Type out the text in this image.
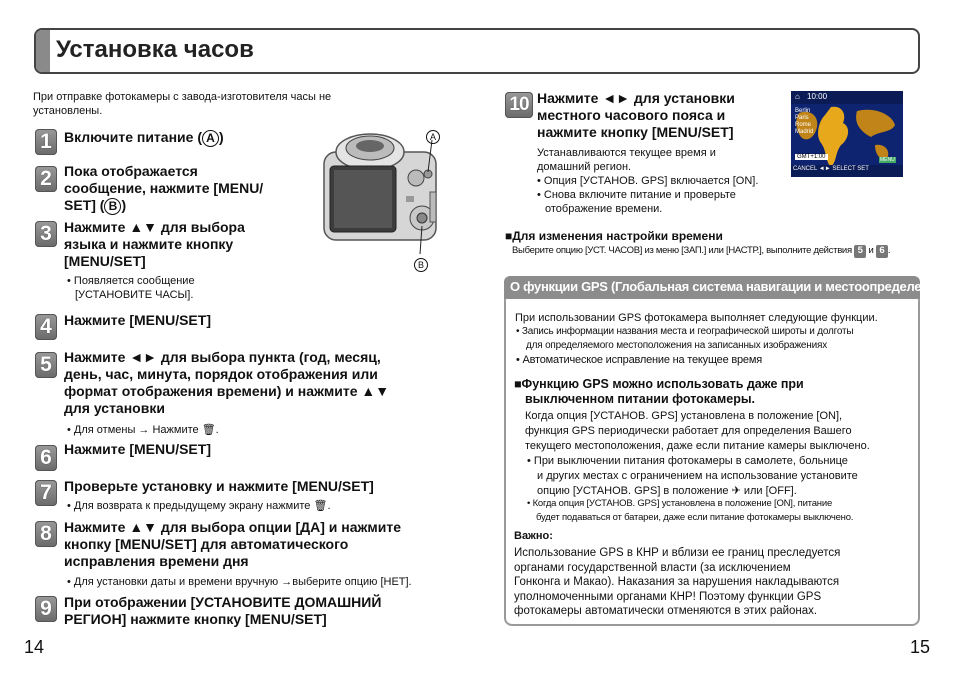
Установка часов
При отправке фотокамеры с завода-изготовителя часы не
установлены.
1 Включите питание ( A )
2 Пока отображается
сообщение, нажмите [MENU/
SET] ( B )
3 Нажмите ▲▼ для выбора
языка и нажмите кнопку
[MENU/SET]
• Появляется сообщение
[УСТАНОВИТЕ ЧАСЫ].
A
B
4 Нажмите [MENU/SET]
5 Нажмите ◄► для выбора пункта (год, месяц,
день, час, минута, порядок отображения или
формат отображения времени) и нажмите ▲▼
для установки
• Для отмены → Нажмите 🗑.
6 Нажмите [MENU/SET]
7 Проверьте установку и нажмите [MENU/SET]
• Для возврата к предыдущему экрану нажмите 🗑.
8 Нажмите ▲▼ для выбора опции [ДА] и нажмите
кнопку [MENU/SET] для автоматического
исправления времени дня
• Для установки даты и времени вручную →выберите опцию [НЕТ].
9 При отображении [УСТАНОВИТЕ ДОМАШНИЙ
РЕГИОН] нажмите кнопку [MENU/SET]
14
10 Нажмите ◄► для установки
местного часового пояса и
нажмите кнопку [MENU/SET]
Устанавливаются текущее время и
домашний регион.
• Опция [УСТАНОВ. GPS] включается [ON].
• Снова включите питание и проверьте
отображение времени.
⌂ 10:00
Berlin
Paris
Rome
Madrid
GMT+1:00
CANCEL ◄► SELECT SET
MENU
■Для изменения настройки времени
Выберите опцию [УСТ. ЧАСОВ] из меню [ЗАП.] или [НАСТР.], выполните действия 5 и 6 .
О функции GPS (Глобальная система навигации и местоопределения)
При использовании GPS фотокамера выполняет следующие функции.
• Запись информации названия места и географической широты и долготы
для определяемого местоположения на записанных изображениях
• Автоматическое исправление на текущее время
■Функцию GPS можно использовать даже при
выключенном питании фотокамеры.
Когда опция [УСТАНОВ. GPS] установлена в положение [ON],
функция GPS периодически работает для определения Вашего
текущего местоположения, даже если питание камеры выключено.
• При выключении питания фотокамеры в самолете, больнице
и других местах с ограничением на использование установите
опцию [УСТАНОВ. GPS] в положение ✈ или [OFF].
• Когда опция [УСТАНОВ. GPS] установлена в положение [ON], питание
будет подаваться от батареи, даже если питание фотокамеры выключено.
Важно:
Использование GPS в КНР и вблизи ее границ преследуется
органами государственной власти (за исключением
Гонконга и Макао). Наказания за нарушения накладываются
уполномоченными органами КНР! Поэтому функции GPS
фотокамеры автоматически отменяются в этих районах.
15
